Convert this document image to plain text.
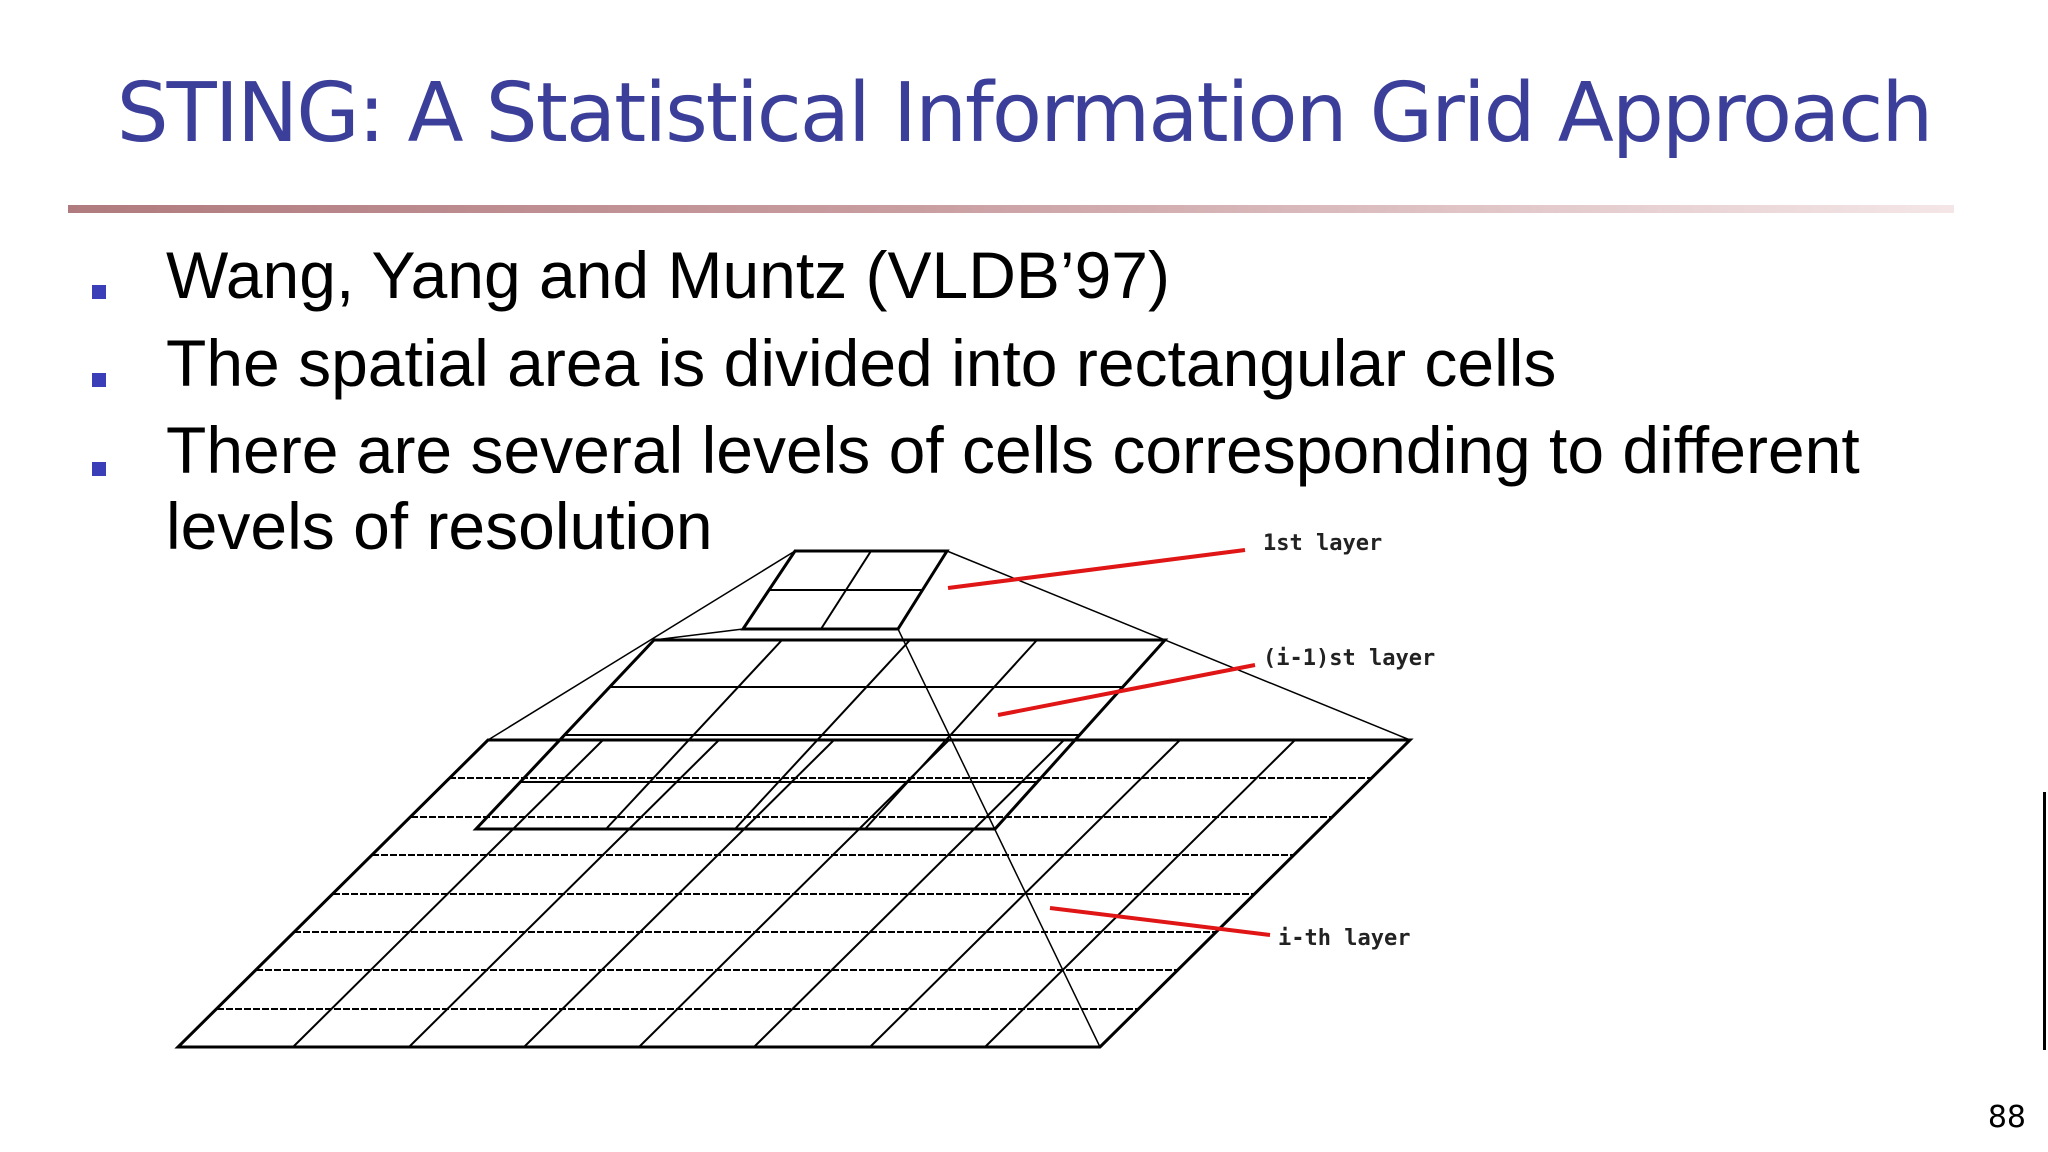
STING: A Statistical Information Grid Approach
Wang, Yang and Muntz (VLDB’97)
The spatial area is divided into rectangular cells
There are several levels of cells corresponding to different levels of resolution	1st layer
(i-1)st layer
i-th layer
88
